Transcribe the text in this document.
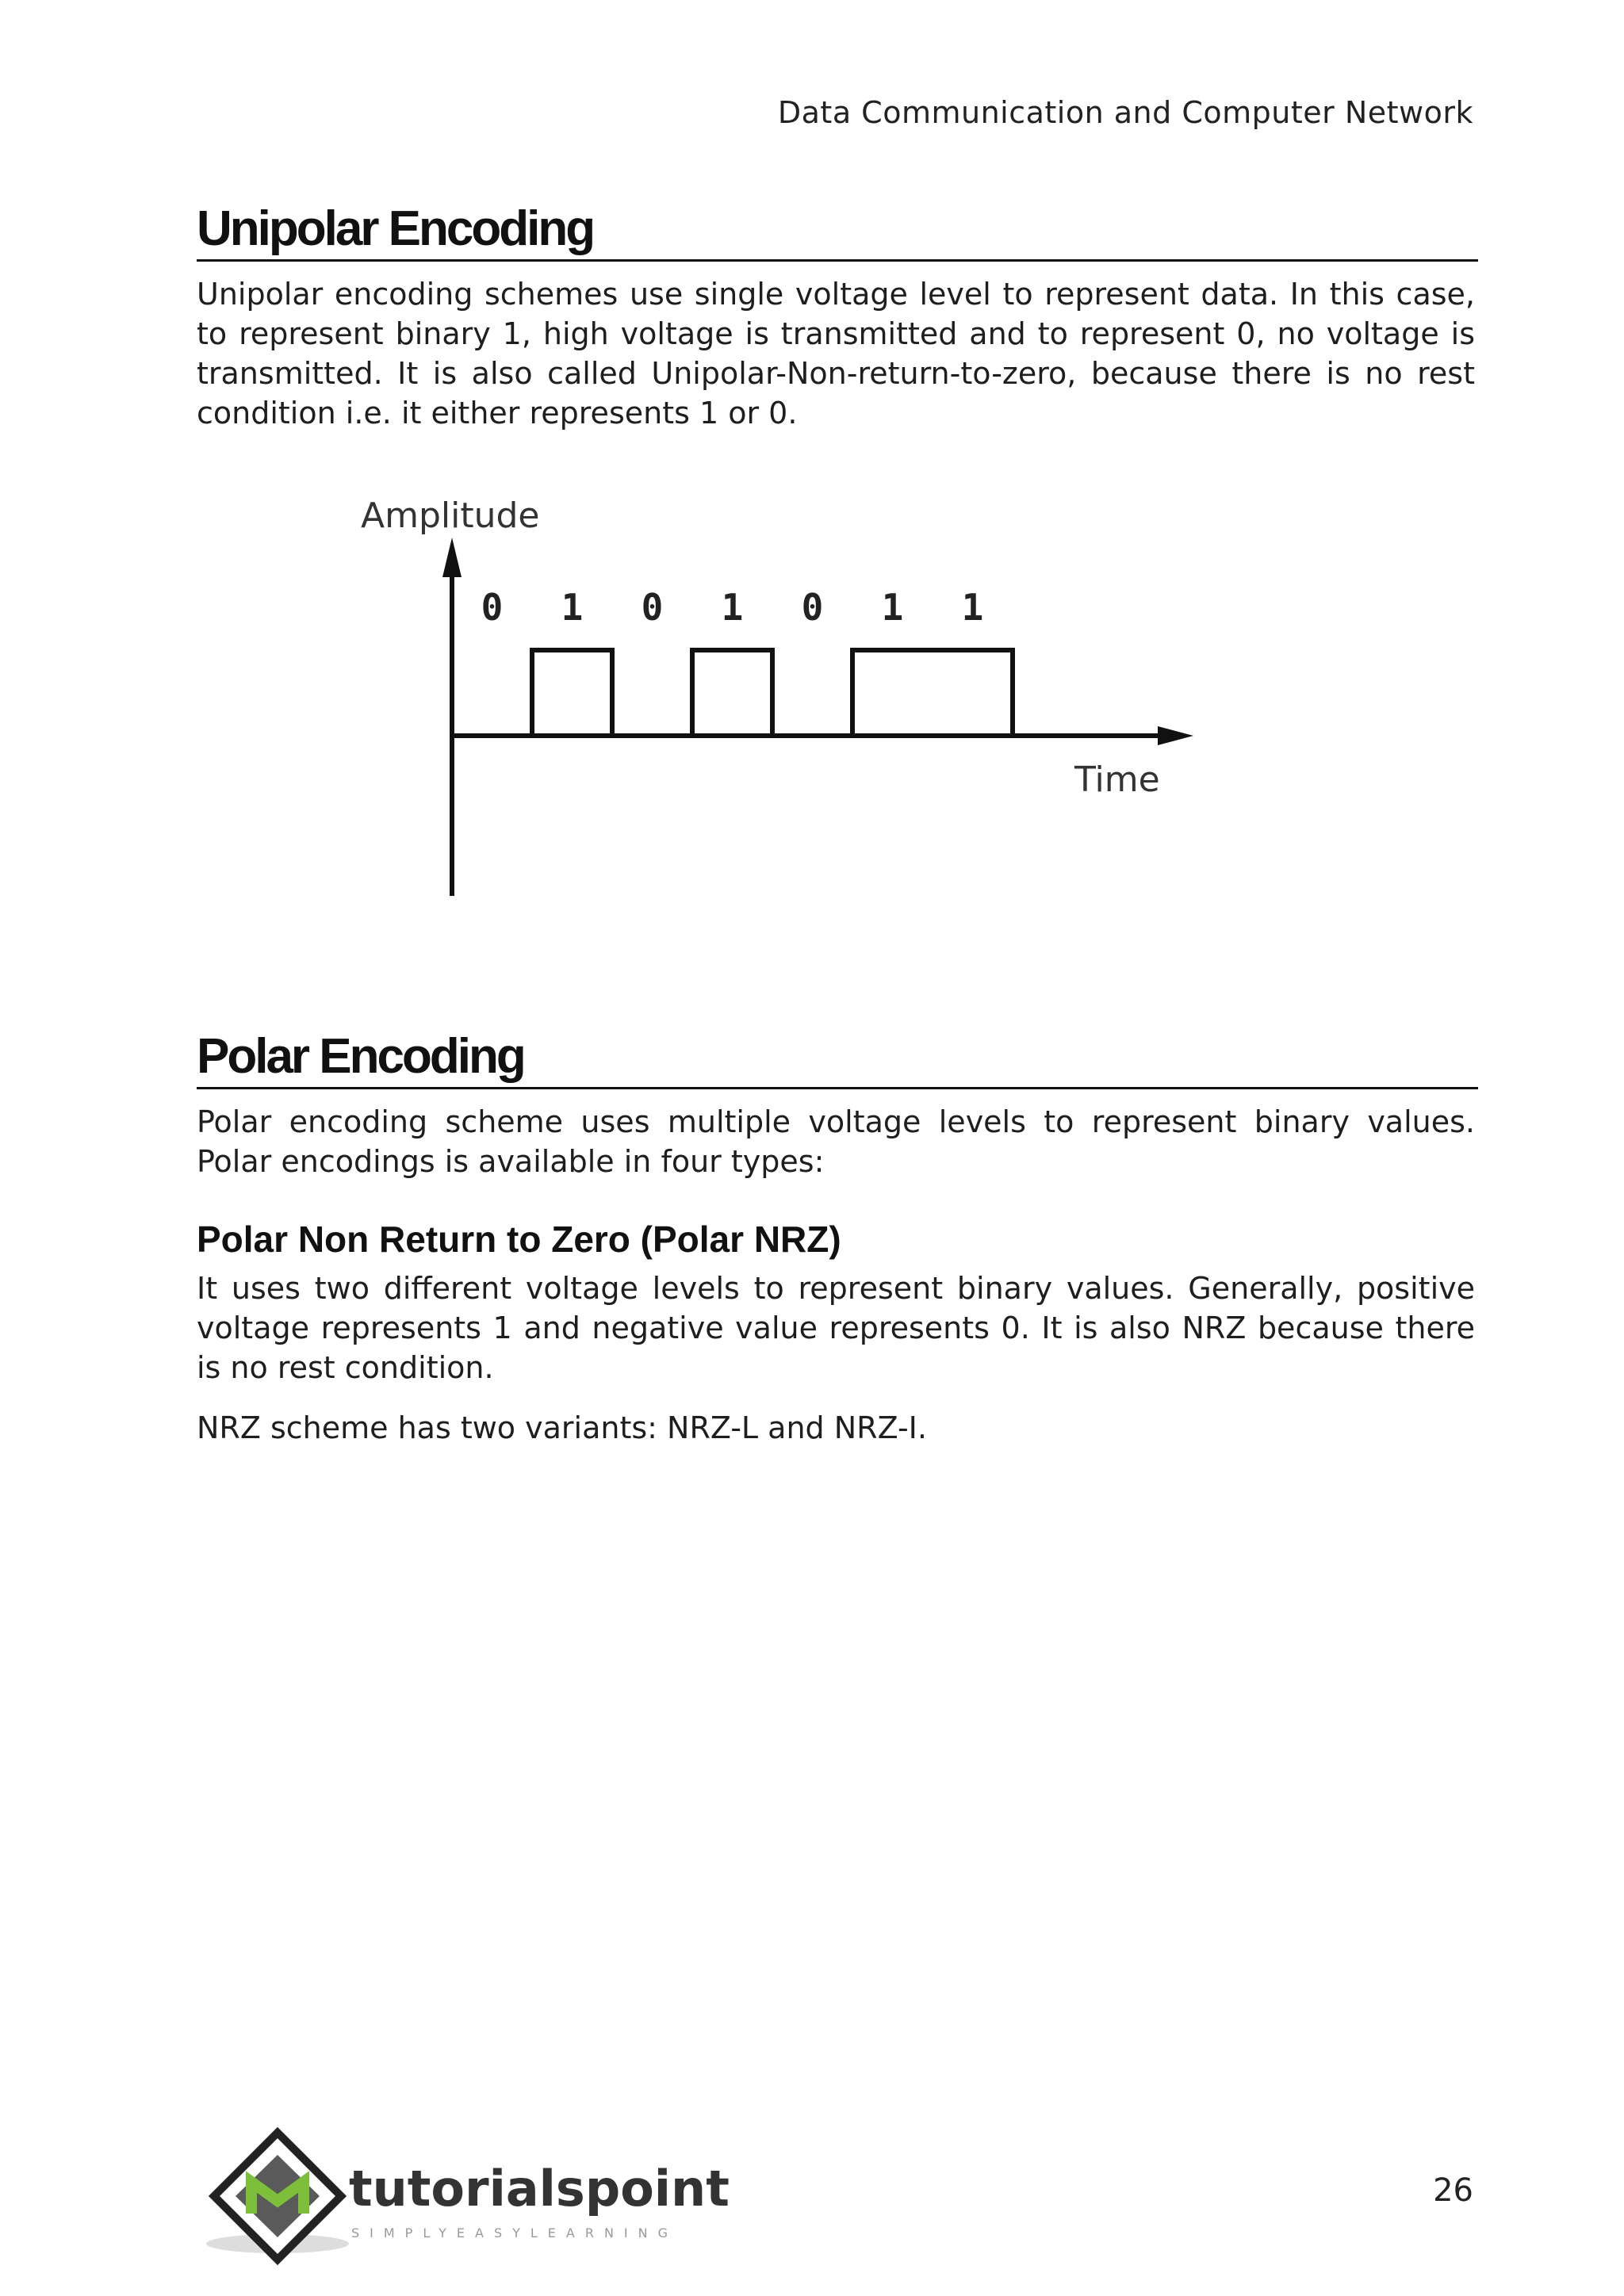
Data Communication and Computer Network
Unipolar Encoding

Unipolar encoding schemes use single voltage level to represent data. In this case, to represent binary 1, high voltage is transmitted and to represent 0, no voltage is transmitted. It is also called Unipolar-Non-return-to-zero, because there is no rest condition i.e. it either represents 1 or 0.

Amplitude
Time
0 1 0 1 0 1 1
Polar Encoding

Polar encoding scheme uses multiple voltage levels to represent binary values. Polar encodings is available in four types:

Polar Non Return to Zero (Polar NRZ)

It uses two different voltage levels to represent binary values. Generally, positive voltage represents 1 and negative value represents 0. It is also NRZ because there is no rest condition.

NRZ scheme has two variants: NRZ-L and NRZ-I.

tutorialspoint
SIMPLYEASYLEARNING
26
